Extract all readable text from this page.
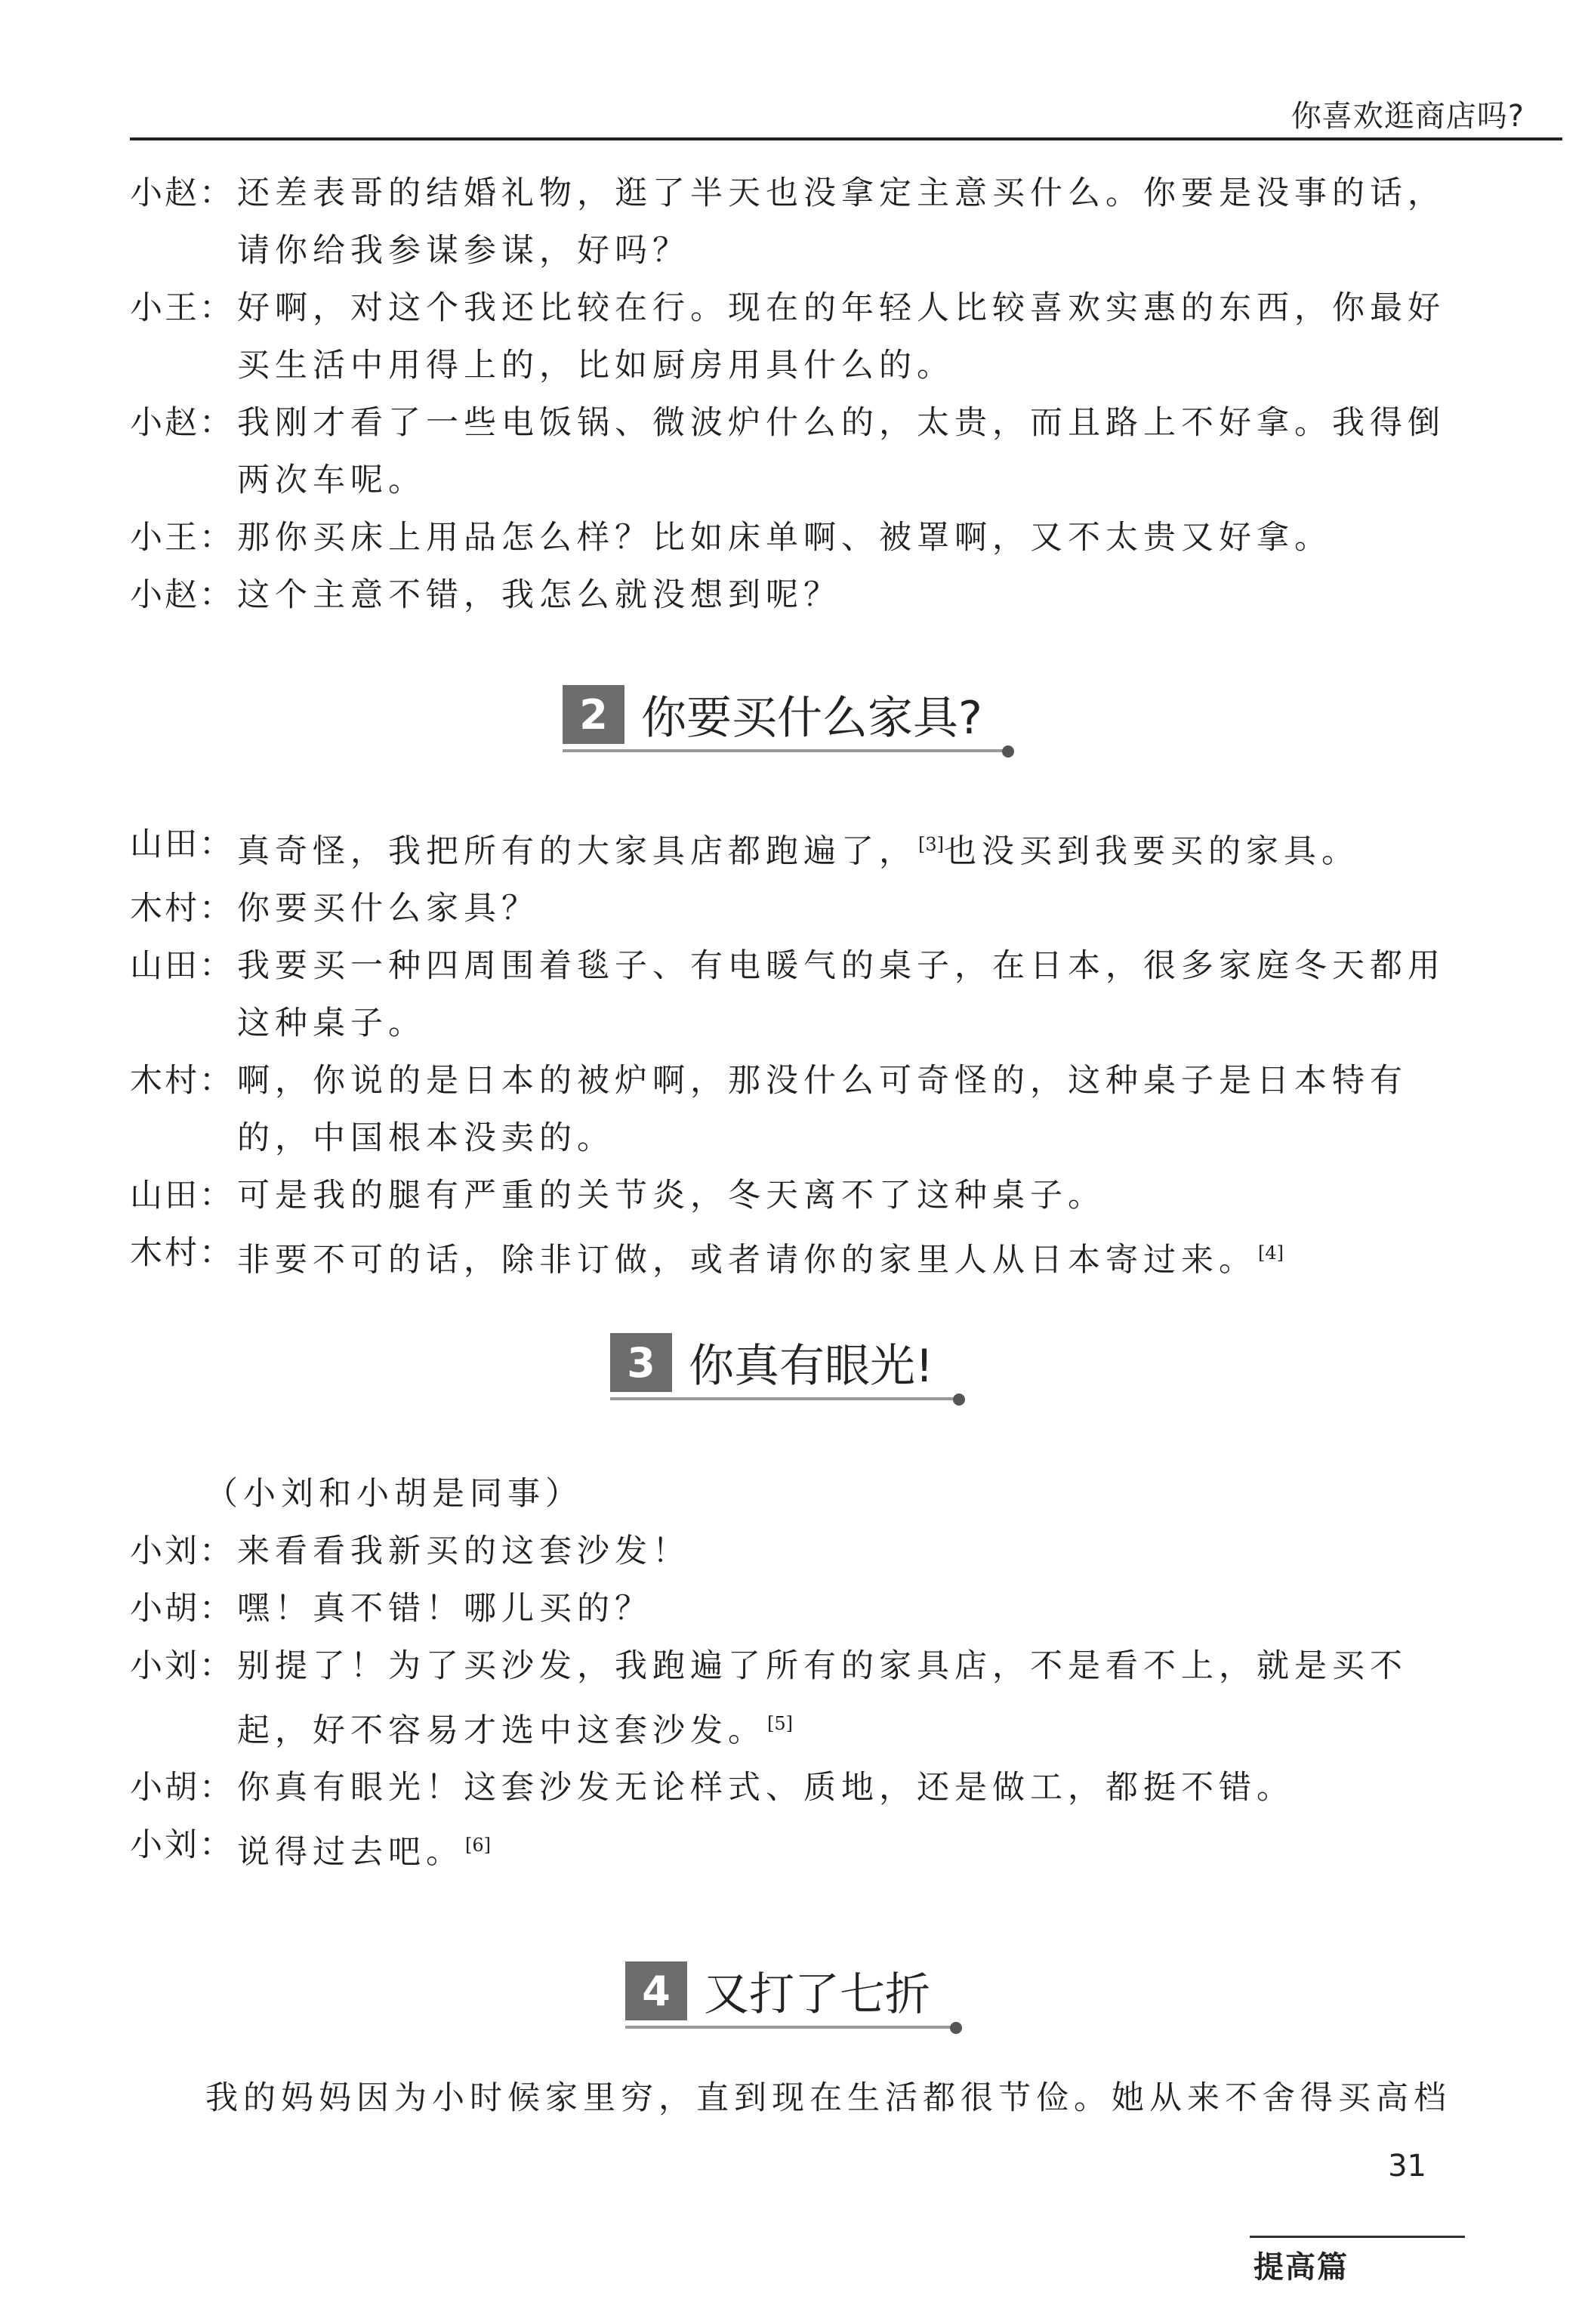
你喜欢逛商店吗?
小赵： 还差表哥的结婚礼物，逛了半天也没拿定主意买什么。你要是没事的话，请你给我参谋参谋，好吗？
小王： 好啊，对这个我还比较在行。现在的年轻人比较喜欢实惠的东西，你最好买生活中用得上的，比如厨房用具什么的。
小赵： 我刚才看了一些电饭锅、微波炉什么的，太贵，而且路上不好拿。我得倒两次车呢。
小王： 那你买床上用品怎么样？比如床单啊、被罩啊，又不太贵又好拿。
小赵： 这个主意不错，我怎么就没想到呢？
2 你要买什么家具?
山田： 真奇怪，我把所有的大家具店都跑遍了，[3]也没买到我要买的家具。
木村： 你要买什么家具？
山田： 我要买一种四周围着毯子、有电暖气的桌子，在日本，很多家庭冬天都用这种桌子。
木村： 啊，你说的是日本的被炉啊，那没什么可奇怪的，这种桌子是日本特有的，中国根本没卖的。
山田： 可是我的腿有严重的关节炎，冬天离不了这种桌子。
木村： 非要不可的话，除非订做，或者请你的家里人从日本寄过来。[4]
3 你真有眼光!
（小刘和小胡是同事）
小刘： 来看看我新买的这套沙发！
小胡： 嘿！真不错！哪儿买的？
小刘： 别提了！为了买沙发，我跑遍了所有的家具店，不是看不上，就是买不起，好不容易才选中这套沙发。[5]
小胡： 你真有眼光！这套沙发无论样式、质地，还是做工，都挺不错。
小刘： 说得过去吧。[6]
4 又打了七折
我的妈妈因为小时候家里穷，直到现在生活都很节俭。她从来不舍得买高档
31
提高篇
